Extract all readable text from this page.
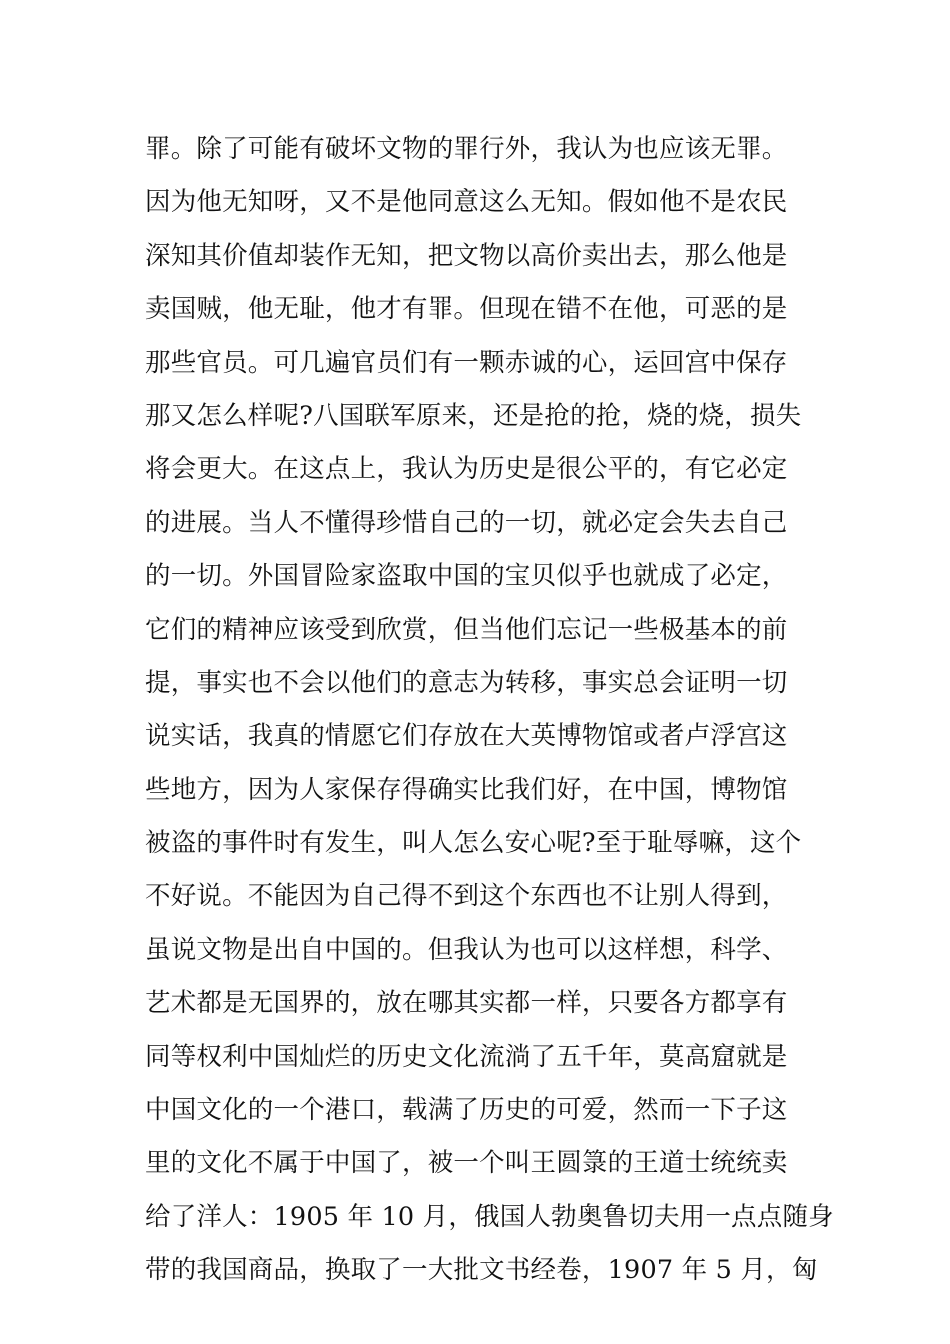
罪。除了可能有破坏文物的罪行外，我认为也应该无罪。
因为他无知呀，又不是他同意这么无知。假如他不是农民
深知其价值却装作无知，把文物以高价卖出去，那么他是
卖国贼，他无耻，他才有罪。但现在错不在他，可恶的是
那些官员。可几遍官员们有一颗赤诚的心，运回宫中保存
那又怎么样呢?八国联军原来，还是抢的抢，烧的烧，损失
将会更大。在这点上，我认为历史是很公平的，有它必定
的进展。当人不懂得珍惜自己的一切，就必定会失去自己
的一切。外国冒险家盗取中国的宝贝似乎也就成了必定，
它们的精神应该受到欣赏，但当他们忘记一些极基本的前
提，事实也不会以他们的意志为转移，事实总会证明一切
说实话，我真的情愿它们存放在大英博物馆或者卢浮宫这
些地方，因为人家保存得确实比我们好，在中国，博物馆
被盗的事件时有发生，叫人怎么安心呢?至于耻辱嘛，这个
不好说。不能因为自己得不到这个东西也不让别人得到，
虽说文物是出自中国的。但我认为也可以这样想，科学、
艺术都是无国界的，放在哪其实都一样，只要各方都享有
同等权利中国灿烂的历史文化流淌了五千年，莫高窟就是
中国文化的一个港口，载满了历史的可爱，然而一下子这
里的文化不属于中国了，被一个叫王圆箓的王道士统统卖
给了洋人：1905 年 10 月，俄国人勃奥鲁切夫用一点点随身
带的我国商品，换取了一大批文书经卷，1907 年 5 月，匈
